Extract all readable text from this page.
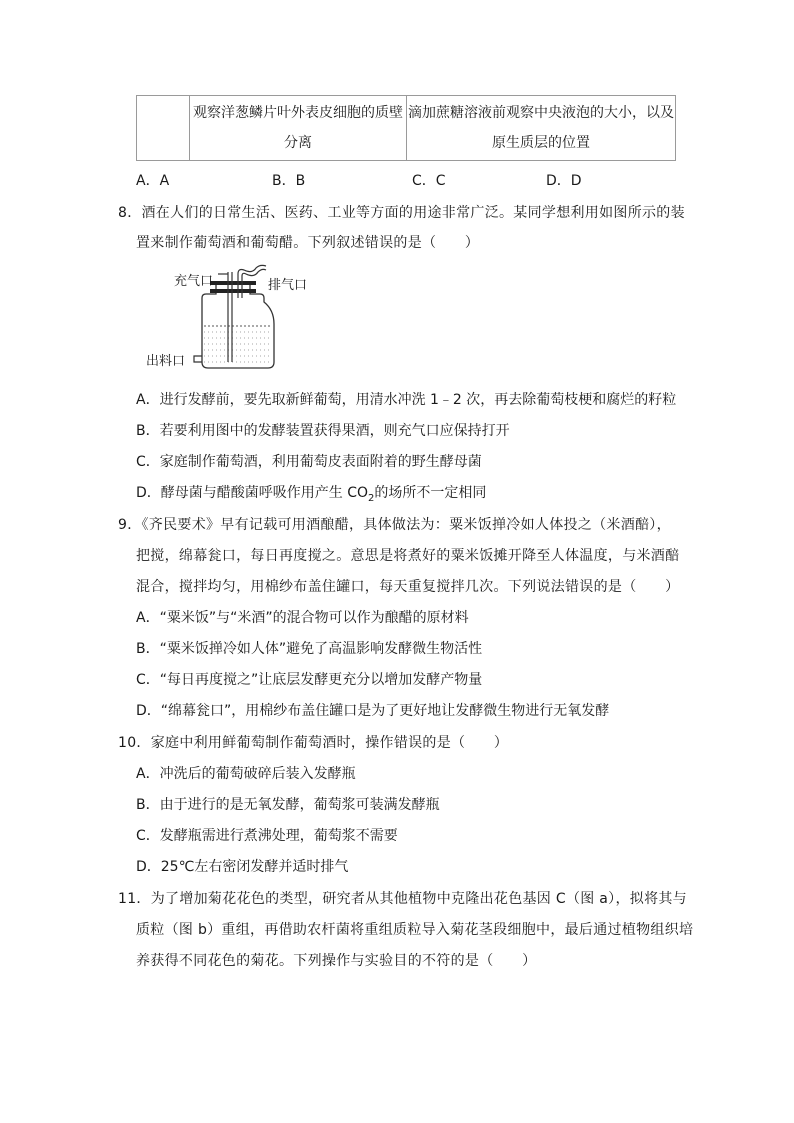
观察洋葱鳞片叶外表皮细胞的质壁
分离

滴加蔗糖溶液前观察中央液泡的大小，以及
原生质层的位置
A．A	B．B	C．C	D．D
8．酒在人们的日常生活、医药、工业等方面的用途非常广泛。某同学想利用如图所示的装
置来制作葡萄酒和葡萄醋。下列叙述错误的是（　　）
充气口	排气口
出料口
A．进行发酵前，要先取新鲜葡萄，用清水冲洗 1﹣2 次，再去除葡萄枝梗和腐烂的籽粒
B．若要利用图中的发酵装置获得果酒，则充气口应保持打开
C．家庭制作葡萄酒，利用葡萄皮表面附着的野生酵母菌
D．酵母菌与醋酸菌呼吸作用产生 $CO_2$的场所不一定相同
9．《齐民要术》早有记载可用酒酿醋，具体做法为：粟米饭掸冷如人体投之（米酒醅），
把搅，绵幕瓮口，每日再度搅之。意思是将煮好的粟米饭摊开降至人体温度，与米酒醅
混合，搅拌均匀，用棉纱布盖住罐口，每天重复搅拌几次。下列说法错误的是（　　）
A．“粟米饭”与“米酒”的混合物可以作为酿醋的原材料
B．“粟米饭掸冷如人体”避免了高温影响发酵微生物活性
C．“每日再度搅之”让底层发酵更充分以增加发酵产物量
D．“绵幕瓮口”，用棉纱布盖住罐口是为了更好地让发酵微生物进行无氧发酵
10．家庭中利用鲜葡萄制作葡萄酒时，操作错误的是（　　）
A．冲洗后的葡萄破碎后装入发酵瓶
B．由于进行的是无氧发酵，葡萄浆可装满发酵瓶
C．发酵瓶需进行煮沸处理，葡萄浆不需要
D．25℃左右密闭发酵并适时排气
11．为了增加菊花花色的类型，研究者从其他植物中克隆出花色基因 C（图 a），拟将其与
质粒（图 b）重组，再借助农杆菌将重组质粒导入菊花茎段细胞中，最后通过植物组织培
养获得不同花色的菊花。下列操作与实验目的不符的是（　　）
